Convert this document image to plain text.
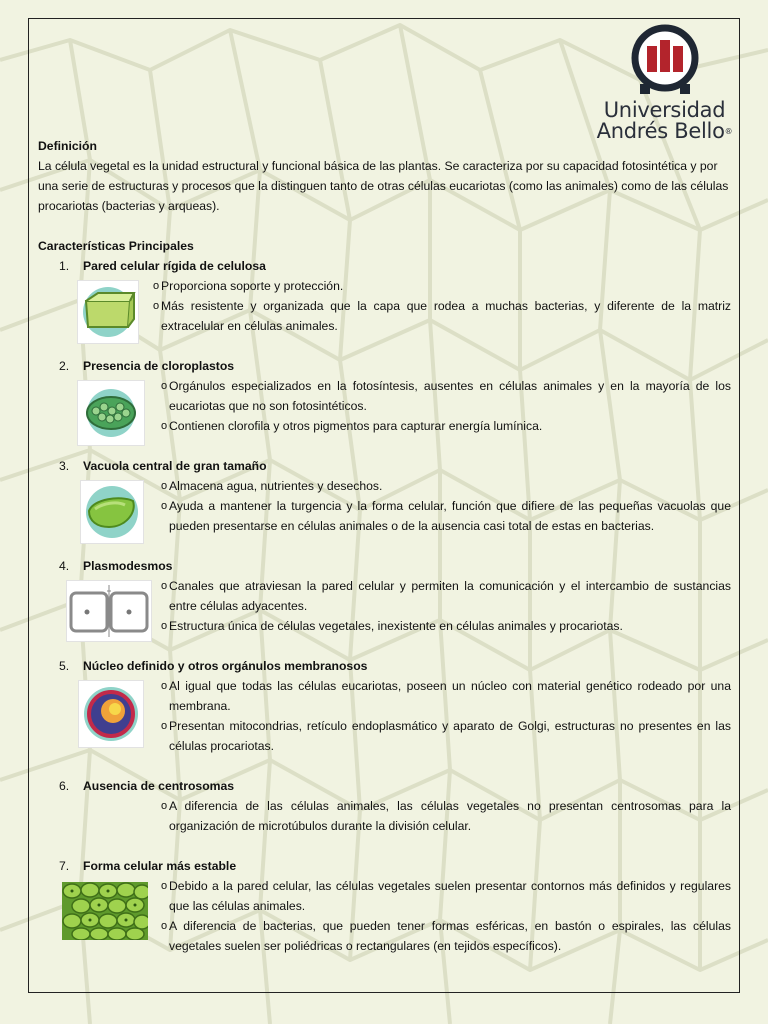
Universidad
Andrés Bello®

Definición

La célula vegetal es la unidad estructural y funcional básica de las plantas. Se caracteriza por su capacidad fotosintética y por una serie de estructuras y procesos que la distinguen tanto de otras células eucariotas (como las animales) como de las células procariotas (bacterias y arqueas).

Características Principales

1. Pared celular rígida de celulosa
o Proporciona soporte y protección.
o Más resistente y organizada que la capa que rodea a muchas bacterias, y diferente de la matriz extracelular en células animales.
2. Presencia de cloroplastos
o Orgánulos especializados en la fotosíntesis, ausentes en células animales y en la mayoría de los eucariotas que no son fotosintéticos.
o Contienen clorofila y otros pigmentos para capturar energía lumínica.
3. Vacuola central de gran tamaño
o Almacena agua, nutrientes y desechos.
o Ayuda a mantener la turgencia y la forma celular, función que difiere de las pequeñas vacuolas que pueden presentarse en células animales o de la ausencia casi total de estas en bacterias.
4. Plasmodesmos
o Canales que atraviesan la pared celular y permiten la comunicación y el intercambio de sustancias entre células adyacentes.
o Estructura única de células vegetales, inexistente en células animales y procariotas.
5. Núcleo definido y otros orgánulos membranosos
o Al igual que todas las células eucariotas, poseen un núcleo con material genético rodeado por una membrana.
o Presentan mitocondrias, retículo endoplasmático y aparato de Golgi, estructuras no presentes en las células procariotas.
6. Ausencia de centrosomas
o A diferencia de las células animales, las células vegetales no presentan centrosomas para la organización de microtúbulos durante la división celular.
7. Forma celular más estable
o Debido a la pared celular, las células vegetales suelen presentar contornos más definidos y regulares que las células animales.
o A diferencia de bacterias, que pueden tener formas esféricas, en bastón o espirales, las células vegetales suelen ser poliédricas o rectangulares (en tejidos específicos).
